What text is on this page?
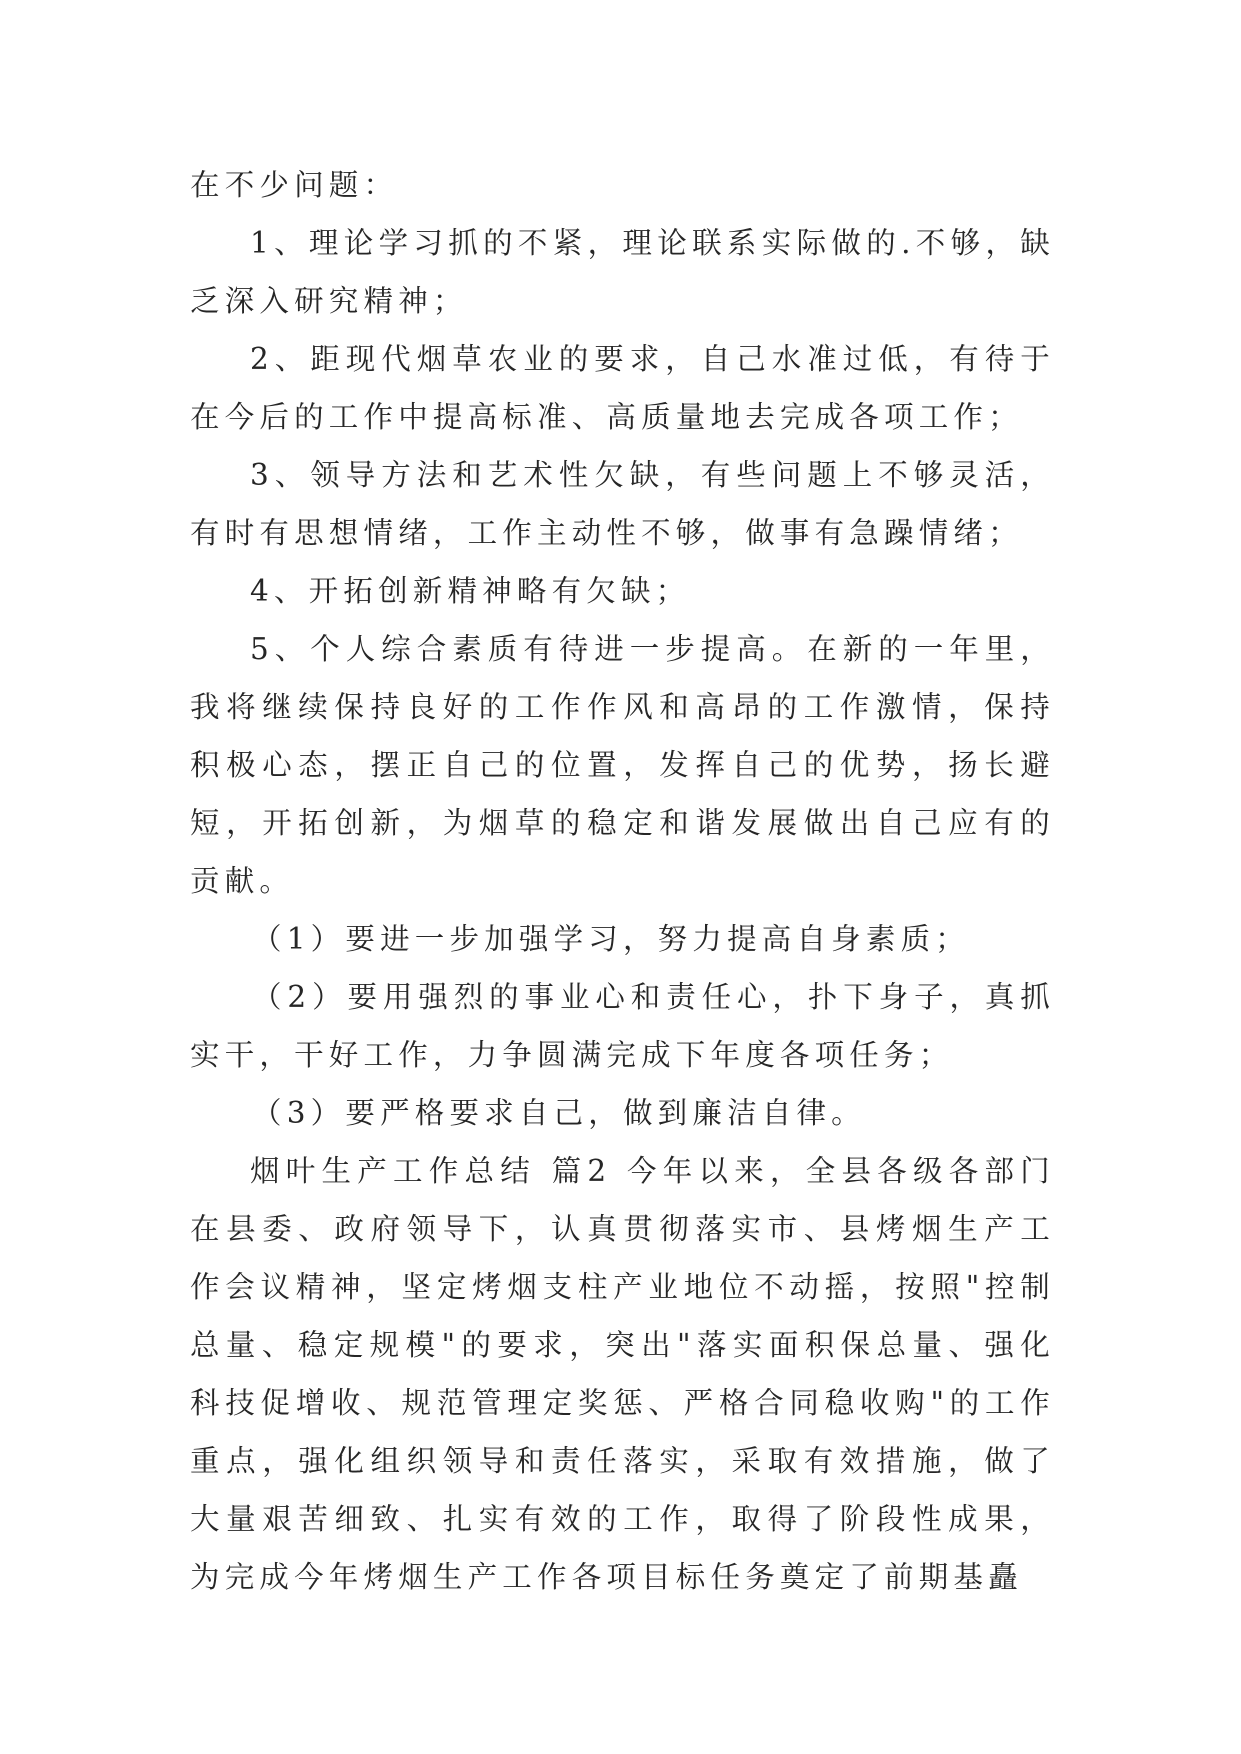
在不少问题：

1、理论学习抓的不紧，理论联系实际做的.不够，缺乏深入研究精神；

2、距现代烟草农业的要求，自己水准过低，有待于在今后的工作中提高标准、高质量地去完成各项工作；

3、领导方法和艺术性欠缺，有些问题上不够灵活，有时有思想情绪，工作主动性不够，做事有急躁情绪；

4、开拓创新精神略有欠缺；

5、个人综合素质有待进一步提高。在新的一年里，我将继续保持良好的工作作风和高昂的工作激情，保持积极心态，摆正自己的位置，发挥自己的优势，扬长避短，开拓创新，为烟草的稳定和谐发展做出自己应有的贡献。

（1）要进一步加强学习，努力提高自身素质；

（2）要用强烈的事业心和责任心，扑下身子，真抓实干，干好工作，力争圆满完成下年度各项任务；

（3）要严格要求自己，做到廉洁自律。

烟叶生产工作总结 篇2 今年以来，全县各级各部门在县委、政府领导下，认真贯彻落实市、县烤烟生产工作会议精神，坚定烤烟支柱产业地位不动摇，按照"控制总量、稳定规模"的要求，突出"落实面积保总量、强化科技促增收、规范管理定奖惩、严格合同稳收购"的工作重点，强化组织领导和责任落实，采取有效措施，做了大量艰苦细致、扎实有效的工作，取得了阶段性成果，为完成今年烤烟生产工作各项目标任务奠定了前期基矗
